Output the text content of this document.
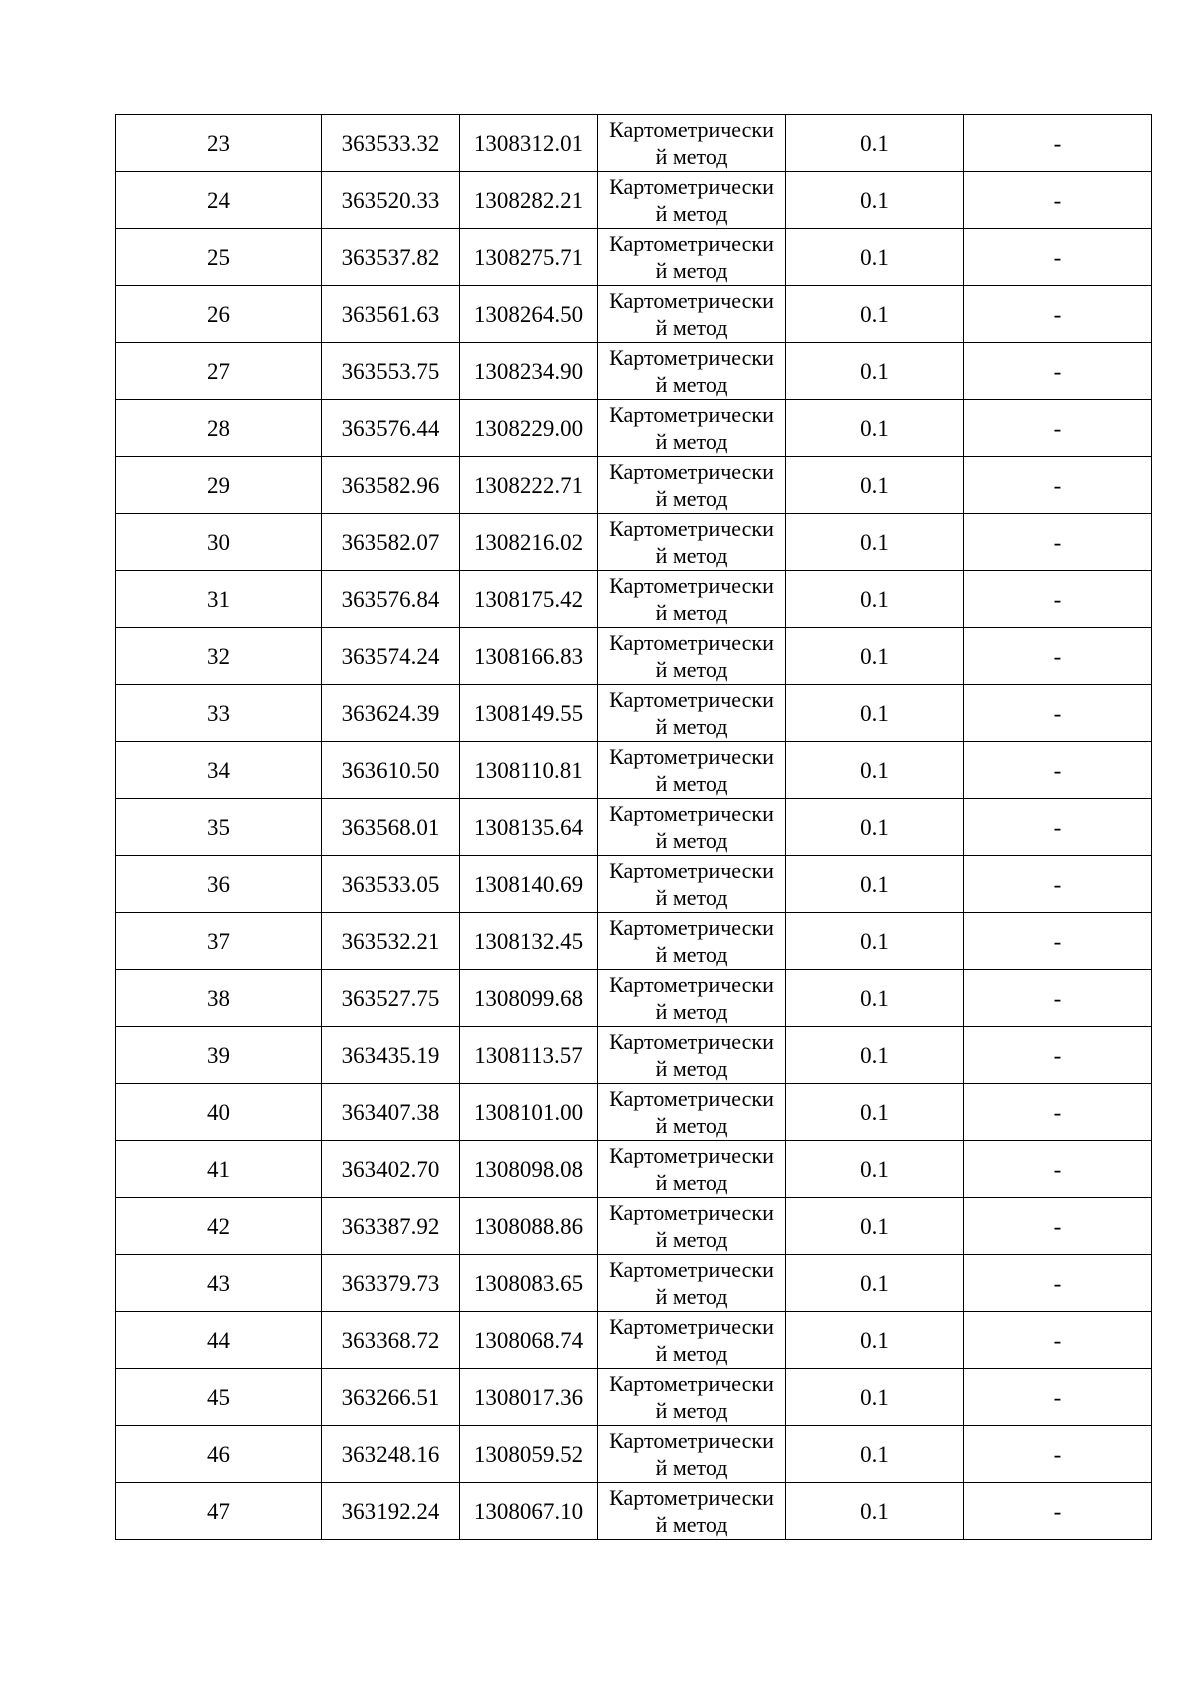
23	363533.32	1308312.01	Картометрически
й метод	0.1	-
24	363520.33	1308282.21	Картометрически
й метод	0.1	-
25	363537.82	1308275.71	Картометрически
й метод	0.1	-
26	363561.63	1308264.50	Картометрически
й метод	0.1	-
27	363553.75	1308234.90	Картометрически
й метод	0.1	-
28	363576.44	1308229.00	Картометрически
й метод	0.1	-
29	363582.96	1308222.71	Картометрически
й метод	0.1	-
30	363582.07	1308216.02	Картометрически
й метод	0.1	-
31	363576.84	1308175.42	Картометрически
й метод	0.1	-
32	363574.24	1308166.83	Картометрически
й метод	0.1	-
33	363624.39	1308149.55	Картометрически
й метод	0.1	-
34	363610.50	1308110.81	Картометрически
й метод	0.1	-
35	363568.01	1308135.64	Картометрически
й метод	0.1	-
36	363533.05	1308140.69	Картометрически
й метод	0.1	-
37	363532.21	1308132.45	Картометрически
й метод	0.1	-
38	363527.75	1308099.68	Картометрически
й метод	0.1	-
39	363435.19	1308113.57	Картометрически
й метод	0.1	-
40	363407.38	1308101.00	Картометрически
й метод	0.1	-
41	363402.70	1308098.08	Картометрически
й метод	0.1	-
42	363387.92	1308088.86	Картометрически
й метод	0.1	-
43	363379.73	1308083.65	Картометрически
й метод	0.1	-
44	363368.72	1308068.74	Картометрически
й метод	0.1	-
45	363266.51	1308017.36	Картометрически
й метод	0.1	-
46	363248.16	1308059.52	Картометрически
й метод	0.1	-
47	363192.24	1308067.10	Картометрически
й метод	0.1	-
